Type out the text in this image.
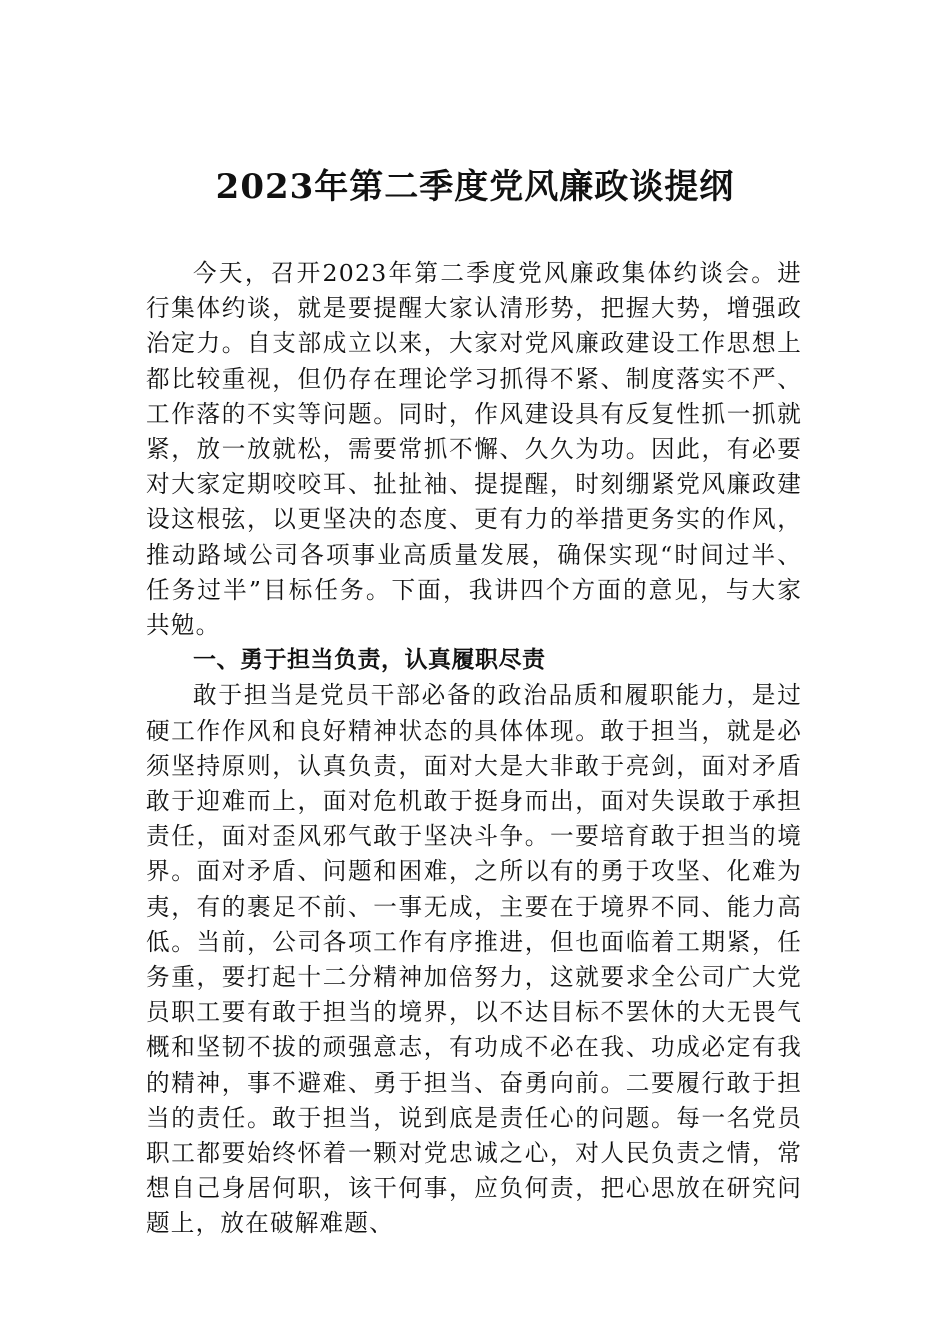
2023年第二季度党风廉政谈提纲

今天，召开2023年第二季度党风廉政集体约谈会。进行集体约谈，就是要提醒大家认清形势，把握大势，增强政治定力。自支部成立以来，大家对党风廉政建设工作思想上都比较重视，但仍存在理论学习抓得不紧、制度落实不严、工作落的不实等问题。同时，作风建设具有反复性抓一抓就紧，放一放就松，需要常抓不懈、久久为功。因此，有必要对大家定期咬咬耳、扯扯袖、提提醒，时刻绷紧党风廉政建设这根弦，以更坚决的态度、更有力的举措更务实的作风，推动路域公司各项事业高质量发展，确保实现“时间过半、任务过半”目标任务。下面，我讲四个方面的意见，与大家共勉。

一、勇于担当负责，认真履职尽责

敢于担当是党员干部必备的政治品质和履职能力，是过硬工作作风和良好精神状态的具体体现。敢于担当，就是必须坚持原则，认真负责，面对大是大非敢于亮剑，面对矛盾敢于迎难而上，面对危机敢于挺身而出，面对失误敢于承担责任，面对歪风邪气敢于坚决斗争。一要培育敢于担当的境界。面对矛盾、问题和困难，之所以有的勇于攻坚、化难为夷，有的裹足不前、一事无成，主要在于境界不同、能力高低。当前，公司各项工作有序推进，但也面临着工期紧，任务重，要打起十二分精神加倍努力，这就要求全公司广大党员职工要有敢于担当的境界，以不达目标不罢休的大无畏气概和坚韧不拔的顽强意志，有功成不必在我、功成必定有我的精神，事不避难、勇于担当、奋勇向前。二要履行敢于担当的责任。敢于担当，说到底是责任心的问题。每一名党员职工都要始终怀着一颗对党忠诚之心，对人民负责之情，常想自己身居何职，该干何事，应负何责，把心思放在研究问题上，放在破解难题、
